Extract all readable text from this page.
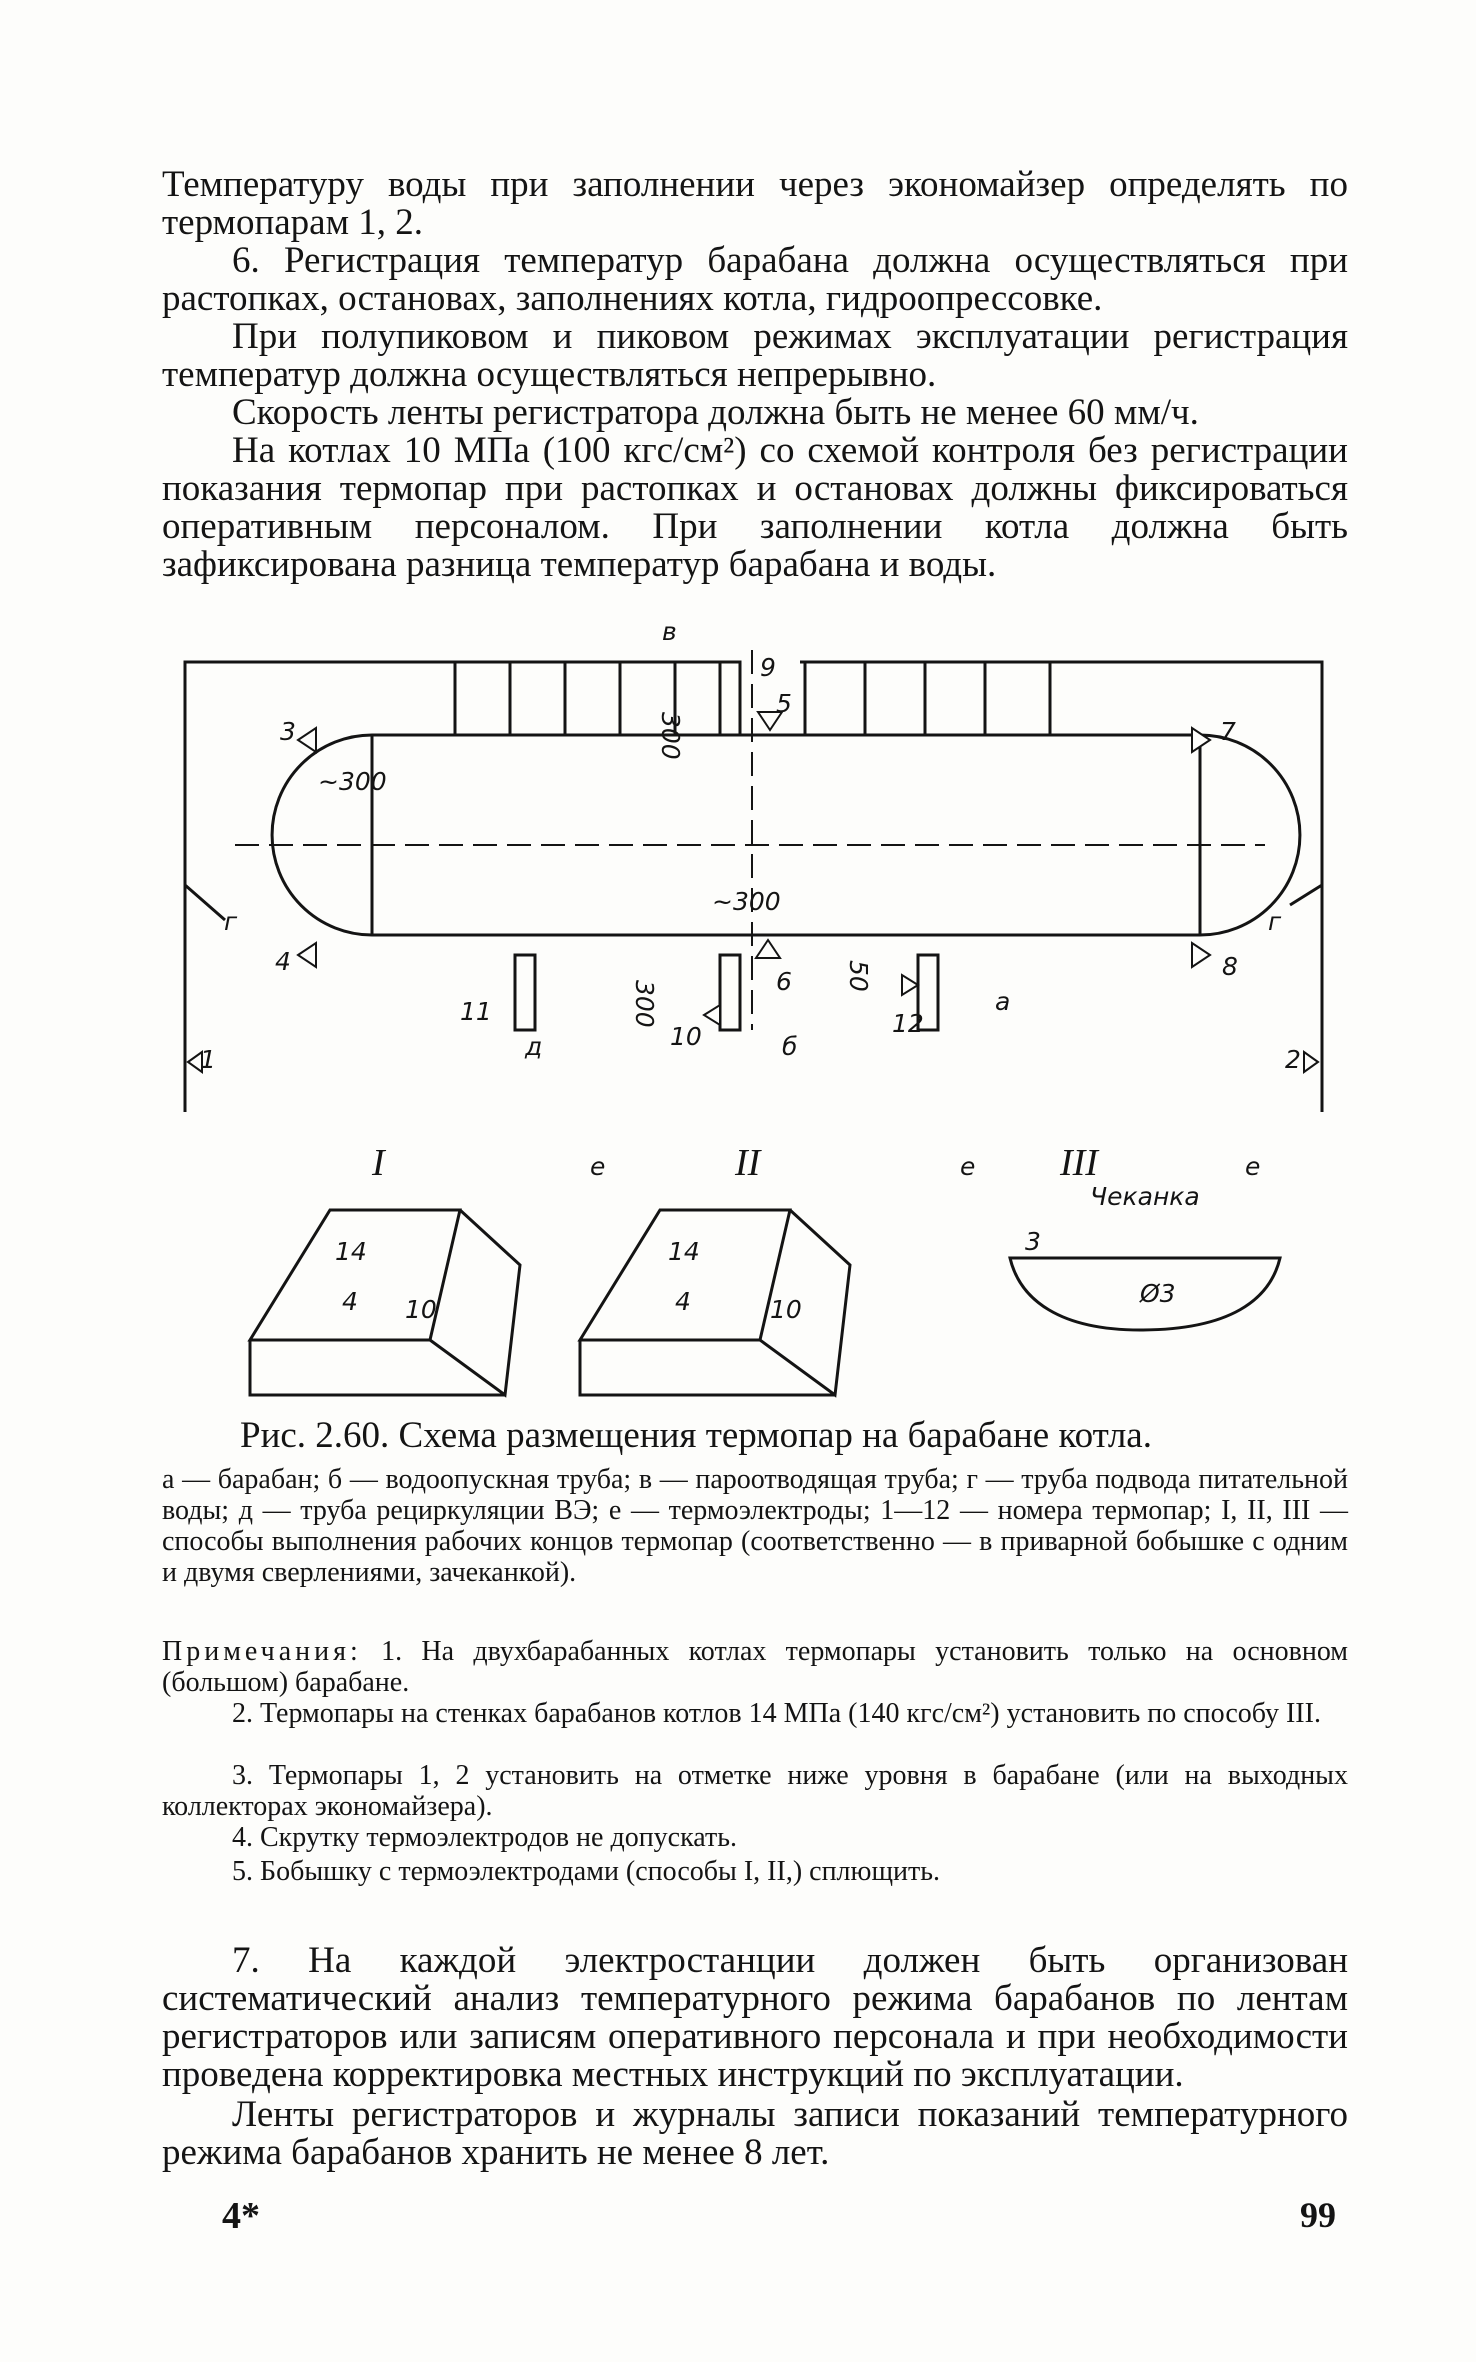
Температуру воды при заполнении через экономайзер определять по термопарам 1, 2.
6. Регистрация температур барабана должна осуществляться при растопках, остановах, заполнениях котла, гидроопрессовке.
При полупиковом и пиковом режимах эксплуатации регистрация температур должна осуществляться непрерывно.
Скорость ленты регистратора должна быть не менее 60 мм/ч.
На котлах 10 МПа (100 кгс/см²) со схемой контроля без регистрации показания термопар при растопках и остановах должны фиксироваться оперативным персоналом. При заполнении котла должна быть зафиксирована разница температур барабана и воды.
3
4
7
8
9
5
6
11
10	12
1	2
г	г
а
д	б
в
~300
~300
300
300
50
I	II	III
е	е	е
Чеканка
10	10
14	14
4	4
3
Ø3
Рис. 2.60. Схема размещения термопар на барабане котла.
а — барабан; б — водоопускная труба; в — пароотводящая труба; г — труба подвода питательной воды; д — труба рециркуляции ВЭ; е — термоэлектроды; 1—12 — номера термопар; I, II, III — способы выполнения рабочих концов термопар (соответственно — в приварной бобышке с одним и двумя сверлениями, зачеканкой).
Примечания: 1. На двухбарабанных котлах термопары установить только на основном (большом) барабане.
2. Термопары на стенках барабанов котлов 14 МПа (140 кгс/см²) установить по способу III.
3. Термопары 1, 2 установить на отметке ниже уровня в барабане (или на выходных коллекторах экономайзера).
4. Скрутку термоэлектродов не допускать.
5. Бобышку с термоэлектродами (способы I, II,) сплющить.
7. На каждой электростанции должен быть организован систематический анализ температурного режима барабанов по лентам регистраторов или записям оперативного персонала и при необходимости проведена корректировка местных инструкций по эксплуатации.
Ленты регистраторов и журналы записи показаний температурного режима барабанов хранить не менее 8 лет.
4*	99
